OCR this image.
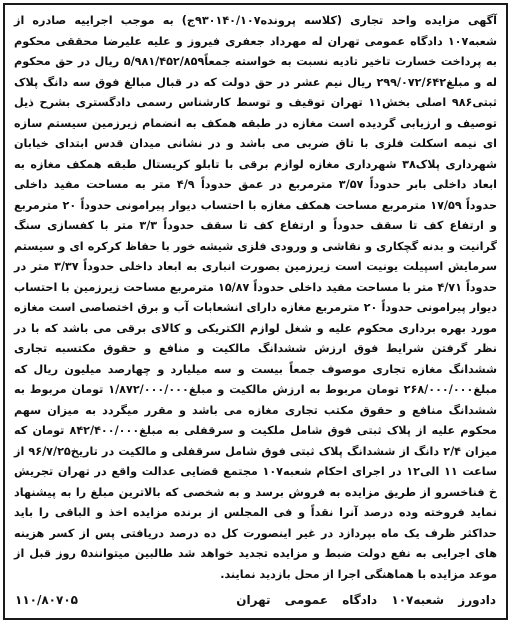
آگهی مزایده واحد تجاری (کلاسه پرونده۹۳۰۱۴۰/۱۰۷ج) به موجب اجراییه صادره از شعبه۱۰۷ دادگاه عمومی تهران له مهرداد جعفری فیروز و علیه علیرضا محققی محکوم به پرداخت خسارت تاخیر تادیه نسبت به خواسته جمعاً۵/۹۸۱/۴۵۲/۸۵۹ ریال در حق محکوم له و مبلغ۲۹۹/۰۷۲/۶۴۲ ریال نیم عشر در حق دولت که در قبال مبالغ فوق سه دانگ پلاک ثبتی۹۸۶ اصلی بخش۱۱ تهران توقیف و توسط کارشناس رسمی دادگستری بشرح ذیل توصیف و ارزیابی گردیده است مغازه در طبقه همکف به انضمام زیرزمین سیستم سازه ای نیمه اسکلت فلزی با تاق ضربی می باشد و در نشانی میدان قدس ابتدای خیابان شهرداری پلاک۳۸ شهرداری مغازه لوازم برقی با تابلو کریستال طبقه همکف مغازه به ابعاد داخلی بابر حدوداً ۳/۵۷ مترمربع در عمق حدوداً ۴/۹ متر به مساحت مفید داخلی حدوداً ۱۷/۵۹ مترمربع مساحت همکف مغازه با احتساب دیوار پیرامونی حدوداً ۲۰ مترمربع و ارتفاع کف تا سقف حدوداً و ارتفاع کف تا سقف حدوداً ۳/۳ متر با کفسازی سنگ گرانیت و بدنه گچکاری و نقاشی و ورودی فلزی شیشه خور با حفاظ کرکره ای و سیستم سرمایش اسپیلت یونیت است زیرزمین بصورت انباری به ابعاد داخلی حدوداً ۳/۳۷ متر در حدوداً ۴/۷۱ متر با مساحت مفید داخلی حدوداً ۱۵/۸۷ مترمربع مساحت زیرزمین با احتساب دیوار پیرامونی حدوداً ۲۰ مترمربع مغازه دارای انشعابات آب و برق اختصاصی است مغازه مورد بهره برداری محکوم علیه و شغل لوازم الکتریکی و کالای برقی می باشد که با در نظر گرفتن شرایط فوق ارزش ششدانگ مالکیت و منافع و حقوق مکتسبه تجاری ششدانگ مغازه تجاری موصوف جمعاً بیست و سه میلیارد و چهارصد میلیون ریال که مبلغ۲۶۸/۰۰۰/۰۰۰ تومان مربوط به ارزش مالکیت و مبلغ۱/۸۷۲/۰۰۰/۰۰۰ تومان مربوط به ششدانگ منافع و حقوق مکتب تجاری مغازه می باشد و مقرر میگردد به میزان سهم محکوم علیه از پلاک ثبتی فوق شامل ملکیت و سرقفلی به مبلغ۸۴۲/۴۰۰/۰۰۰ تومان که میزان ۲/۴ دانگ از ششدانگ پلاک ثبتی فوق شامل سرقفلی و مالکیت در تاریخ۹۶/۷/۲۵ از ساعت ۱۱ الی۱۲ در اجرای احکام شعبه۱۰۷ مجتمع قضایی عدالت واقع در تهران تجریش خ فناخسرو از طریق مزایده به فروش برسد و به شخصی که بالاترین مبلغ را به پیشنهاد نماید فروخته وده درصد آنرا نقداً و فی المجلس از برنده مزایده اخذ و الباقی را باید حداکثر ظرف یک ماه بپردازد در غیر اینصورت کل ده درصد دریافتی پس از کسر هزینه های اجرایی به نفع دولت ضبط و مزایده تجدید خواهد شد طالبین میتوانند۵ روز قبل از موعد مزایده با هماهنگی اجرا از محل بازدید نمایند.

دادورز شعبه۱۰۷ دادگاه عمومی تهران
۱۱۰/۸۰۷۰۵
